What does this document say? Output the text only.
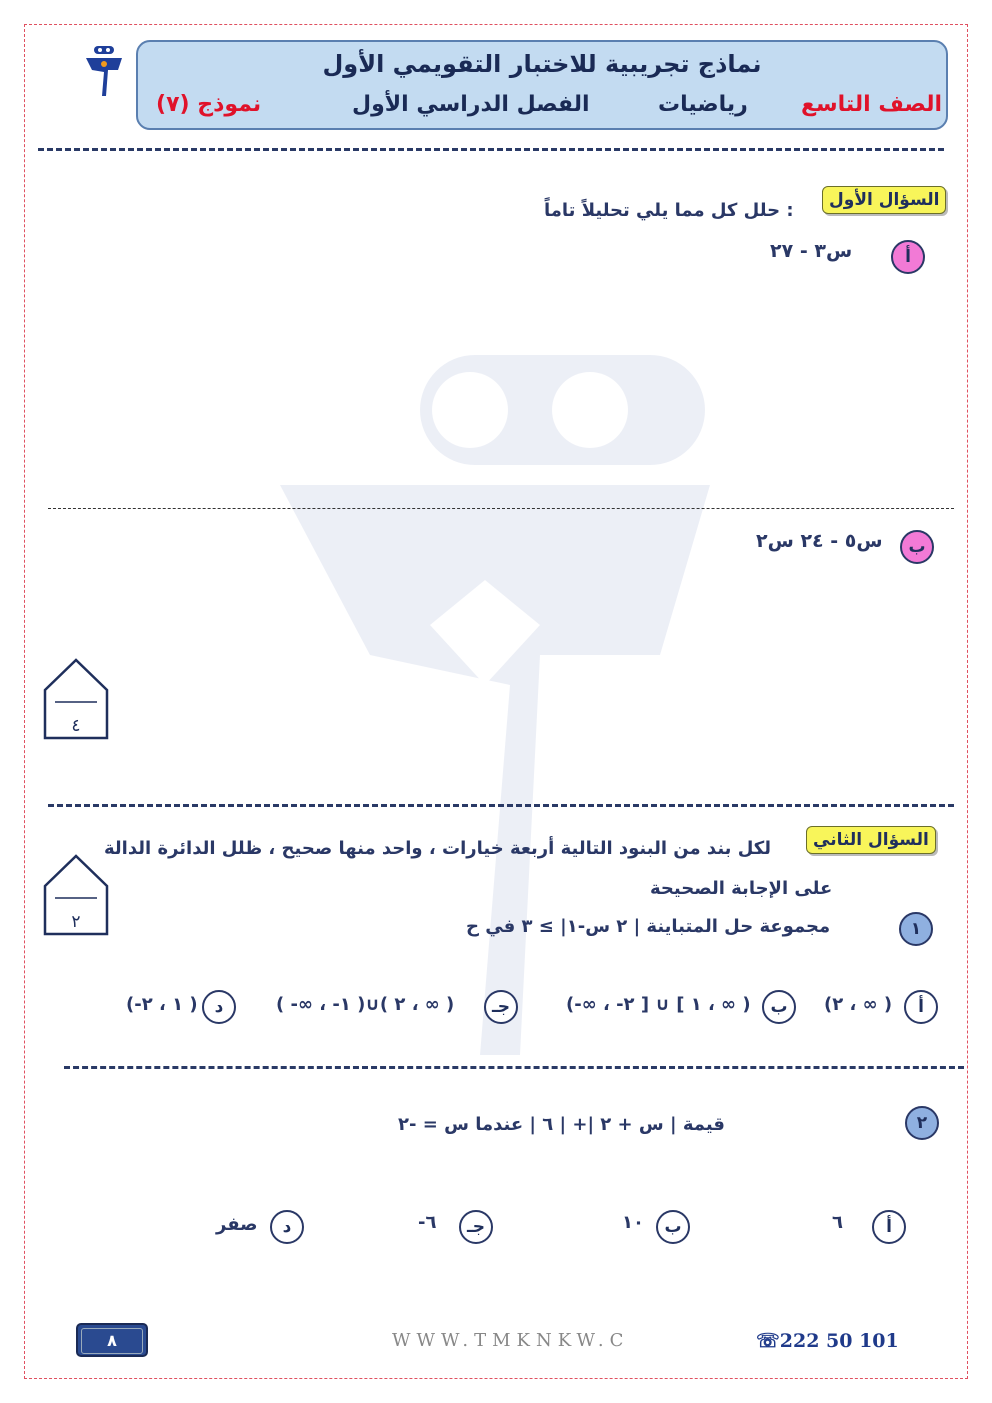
نماذج تجريبية للاختبار التقويمي الأول
الصف التاسع
رياضيات
الفصل الدراسي الأول
نموذج (٧)
السؤال الأول
حلل كل مما يلي تحليلاً تاماً :
أ
س٣ - ٢٧
ب
س٥ - ٢٤ س٢
٤
السؤال الثاني
لكل بند من البنود التالية أربعة خيارات ، واحد منها صحيح ، ظلل الدائرة الدالة
على الإجابة الصحيحة
٢	١
مجموعة حل المتباينة | ٢ س-١| ≥ ٣ في ح
أ
(٢ ، ∞ )
ب
(-∞ ، -١ ] ∪ [ ٢ ، ∞ )
جـ
( -∞ ، -١ )∪( ٢ ، ∞ )
د
(-١ ، ٢ )
٢
قيمة | س + ٢ |+ | ٦ | عندما س = -٢
أ
٦
ب
١٠
جـ
-٦
د
صفر
٨	WWW.TMKNKW.C	☏222 50 101
